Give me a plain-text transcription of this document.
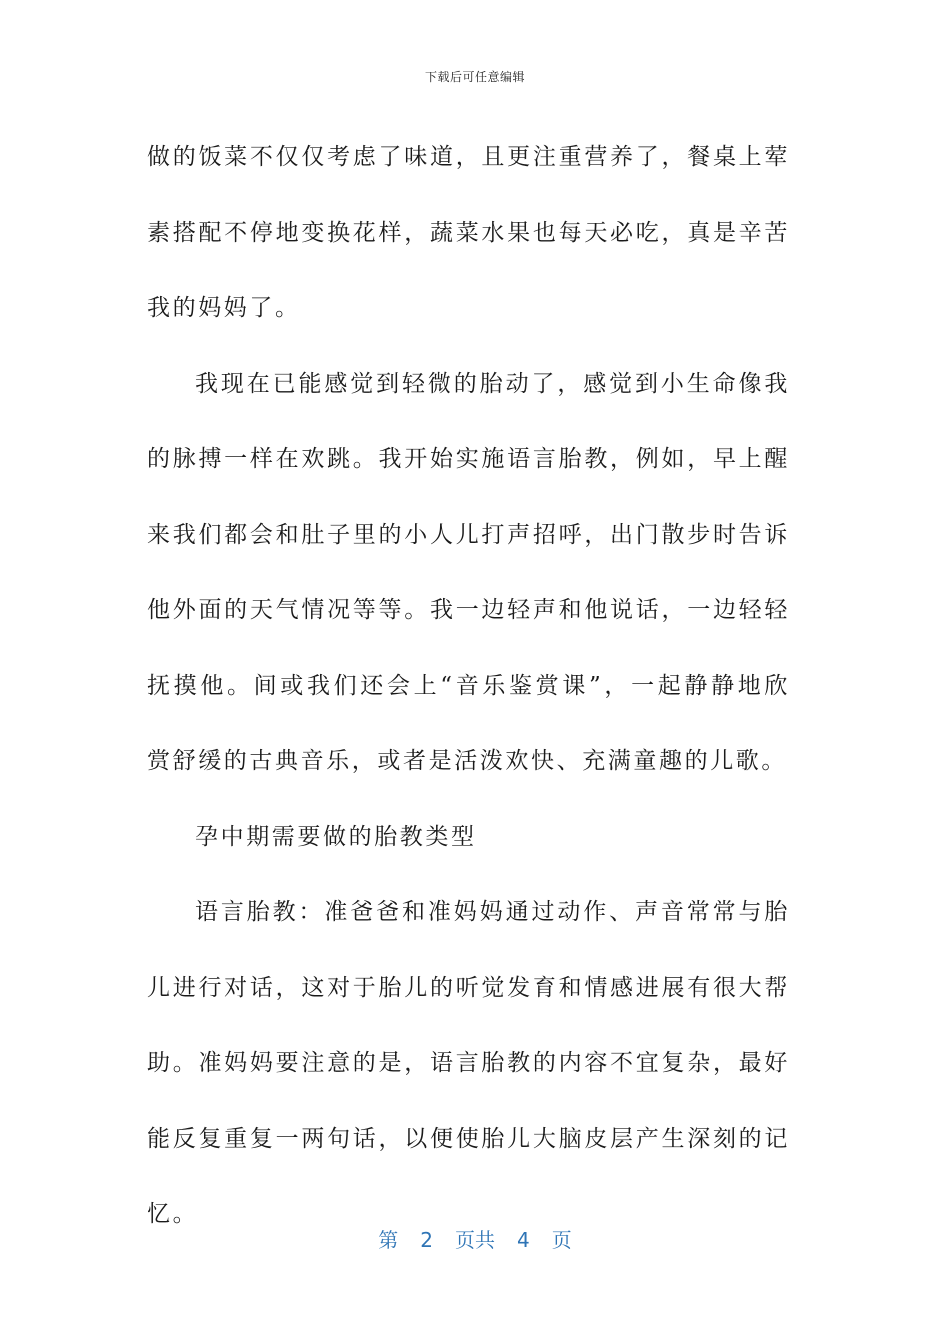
下载后可任意编辑

做的饭菜不仅仅考虑了味道，且更注重营养了，餐桌上荤素搭配不停地变换花样，蔬菜水果也每天必吃，真是辛苦我的妈妈了。

我现在已能感觉到轻微的胎动了，感觉到小生命像我的脉搏一样在欢跳。我开始实施语言胎教，例如，早上醒来我们都会和肚子里的小人儿打声招呼，出门散步时告诉他外面的天气情况等等。我一边轻声和他说话，一边轻轻抚摸他。间或我们还会上“音乐鉴赏课”，一起静静地欣赏舒缓的古典音乐，或者是活泼欢快、充满童趣的儿歌。

孕中期需要做的胎教类型

语言胎教：准爸爸和准妈妈通过动作、声音常常与胎儿进行对话，这对于胎儿的听觉发育和情感进展有很大帮助。准妈妈要注意的是，语言胎教的内容不宜复杂，最好能反复重复一两句话，以便使胎儿大脑皮层产生深刻的记忆。

第 2 页共 4 页
